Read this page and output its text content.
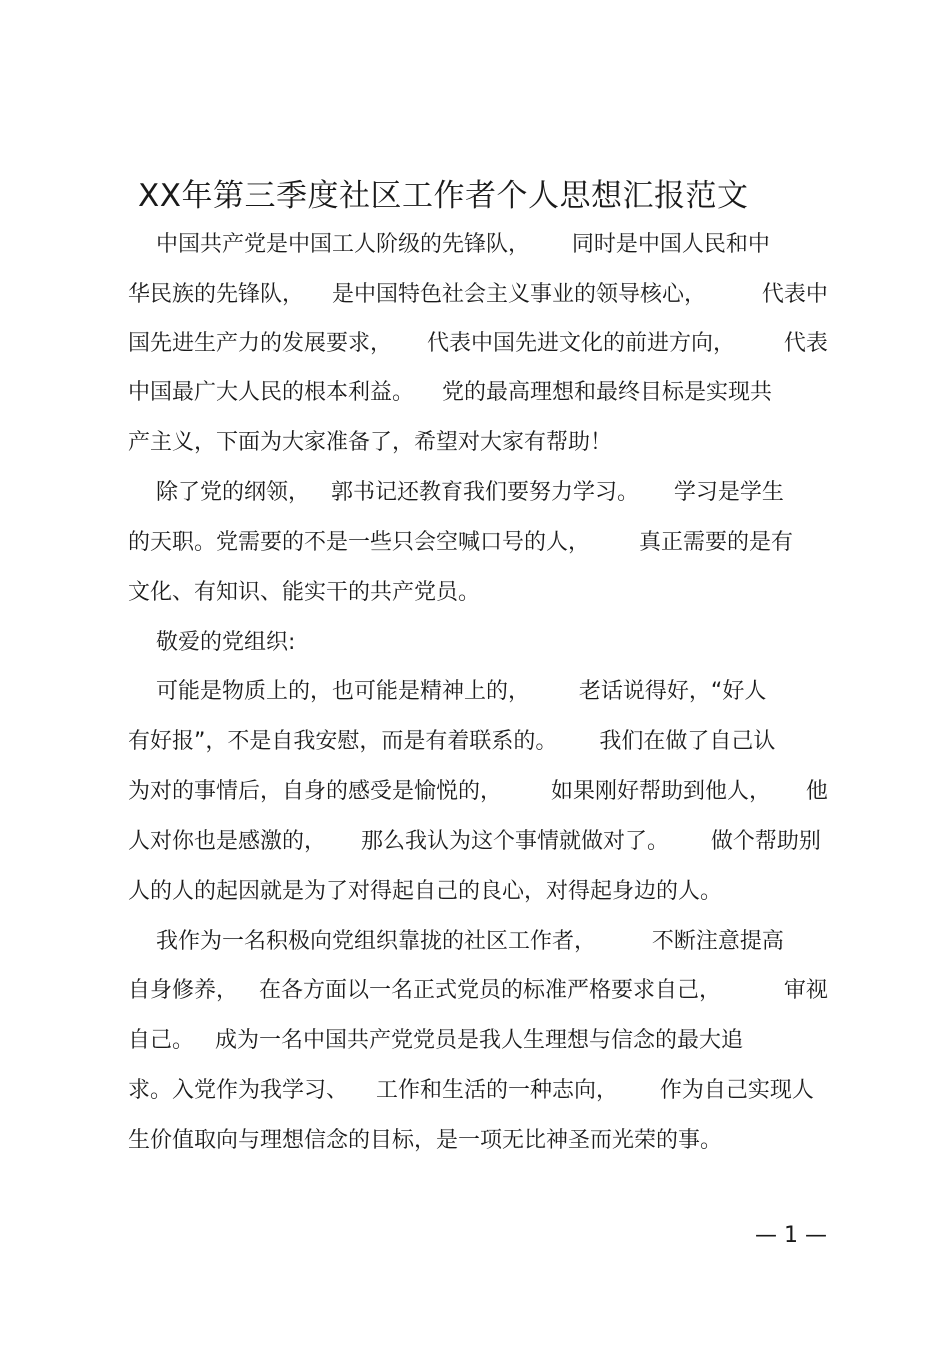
XX年第三季度社区工作者个人思想汇报范文
中国共产党是中国工人阶级的先锋队，      同时是中国人民和中
华民族的先锋队，    是中国特色社会主义事业的领导核心，        代表中
国先进生产力的发展要求，     代表中国先进文化的前进方向，       代表
中国最广大人民的根本利益。    党的最高理想和最终目标是实现共
产主义，下面为大家准备了，希望对大家有帮助！
除了党的纲领，   郭书记还教育我们要努力学习。     学习是学生
的天职。党需要的不是一些只会空喊口号的人，       真正需要的是有
文化、有知识、能实干的共产党员。
敬爱的党组织:
可能是物质上的，也可能是精神上的，       老话说得好，“好人
有好报”，不是自我安慰，而是有着联系的。      我们在做了自己认
为对的事情后，自身的感受是愉悦的，       如果刚好帮助到他人，     他
人对你也是感激的，     那么我认为这个事情就做对了。      做个帮助别
人的人的起因就是为了对得起自己的良心，对得起身边的人。
我作为一名积极向党组织靠拢的社区工作者，        不断注意提高
自身修养，   在各方面以一名正式党员的标准严格要求自己，         审视
自己。   成为一名中国共产党党员是我人生理想与信念的最大追
求。入党作为我学习、    工作和生活的一种志向，      作为自己实现人
生价值取向与理想信念的目标，是一项无比神圣而光荣的事。
— 1 —
